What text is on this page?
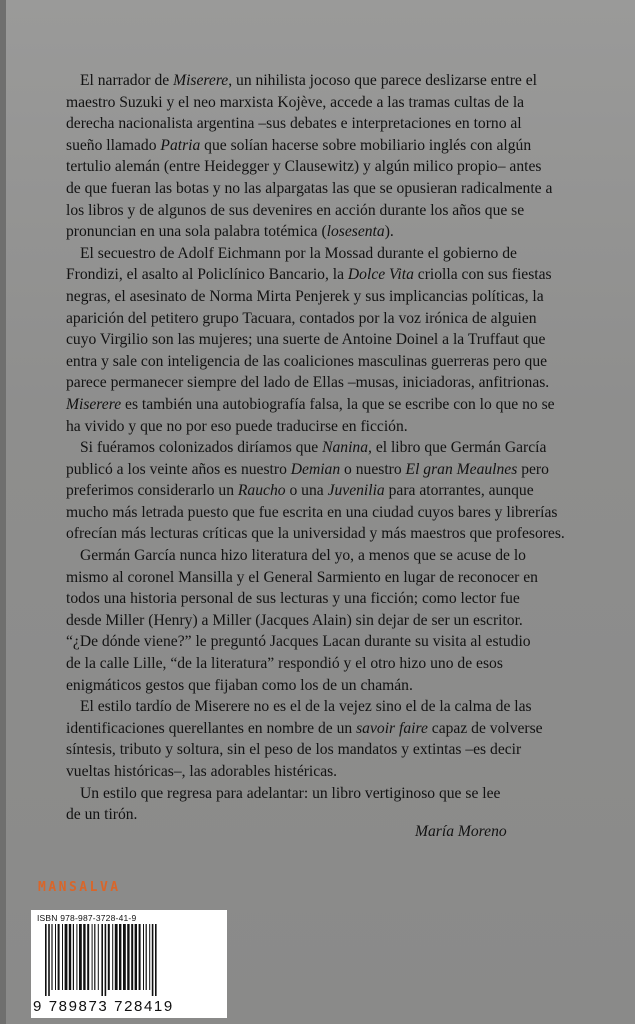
El narrador de Miserere, un nihilista jocoso que parece deslizarse entre el
maestro Suzuki y el neo marxista Kojève, accede a las tramas cultas de la
derecha nacionalista argentina –sus debates e interpretaciones en torno al
sueño llamado Patria que solían hacerse sobre mobiliario inglés con algún
tertulio alemán (entre Heidegger y Clausewitz) y algún milico propio– antes
de que fueran las botas y no las alpargatas las que se opusieran radicalmente a
los libros y de algunos de sus devenires en acción durante los años que se
pronuncian en una sola palabra totémica (losesenta).
El secuestro de Adolf Eichmann por la Mossad durante el gobierno de
Frondizi, el asalto al Policlínico Bancario, la Dolce Vita criolla con sus fiestas
negras, el asesinato de Norma Mirta Penjerek y sus implicancias políticas, la
aparición del petitero grupo Tacuara, contados por la voz irónica de alguien
cuyo Virgilio son las mujeres; una suerte de Antoine Doinel a la Truffaut que
entra y sale con inteligencia de las coaliciones masculinas guerreras pero que
parece permanecer siempre del lado de Ellas –musas, iniciadoras, anfitrionas.
Miserere es también una autobiografía falsa, la que se escribe con lo que no se
ha vivido y que no por eso puede traducirse en ficción.
Si fuéramos colonizados diríamos que Nanina, el libro que Germán García
publicó a los veinte años es nuestro Demian o nuestro El gran Meaulnes pero
preferimos considerarlo un Raucho o una Juvenilia para atorrantes, aunque
mucho más letrada puesto que fue escrita en una ciudad cuyos bares y librerías
ofrecían más lecturas críticas que la universidad y más maestros que profesores.
Germán García nunca hizo literatura del yo, a menos que se acuse de lo
mismo al coronel Mansilla y el General Sarmiento en lugar de reconocer en
todos una historia personal de sus lecturas y una ficción; como lector fue
desde Miller (Henry) a Miller (Jacques Alain) sin dejar de ser un escritor.
“¿De dónde viene?” le preguntó Jacques Lacan durante su visita al estudio
de la calle Lille, “de la literatura” respondió y el otro hizo uno de esos
enigmáticos gestos que fijaban como los de un chamán.
El estilo tardío de Miserere no es el de la vejez sino el de la calma de las
identificaciones querellantes en nombre de un savoir faire capaz de volverse
síntesis, tributo y soltura, sin el peso de los mandatos y extintas –es decir
vueltas históricas–, las adorables histéricas.
Un estilo que regresa para adelantar: un libro vertiginoso que se lee
de un tirón.
María Moreno
MANSALVA
ISBN 978-987-3728-41-9
9 789873 728419
